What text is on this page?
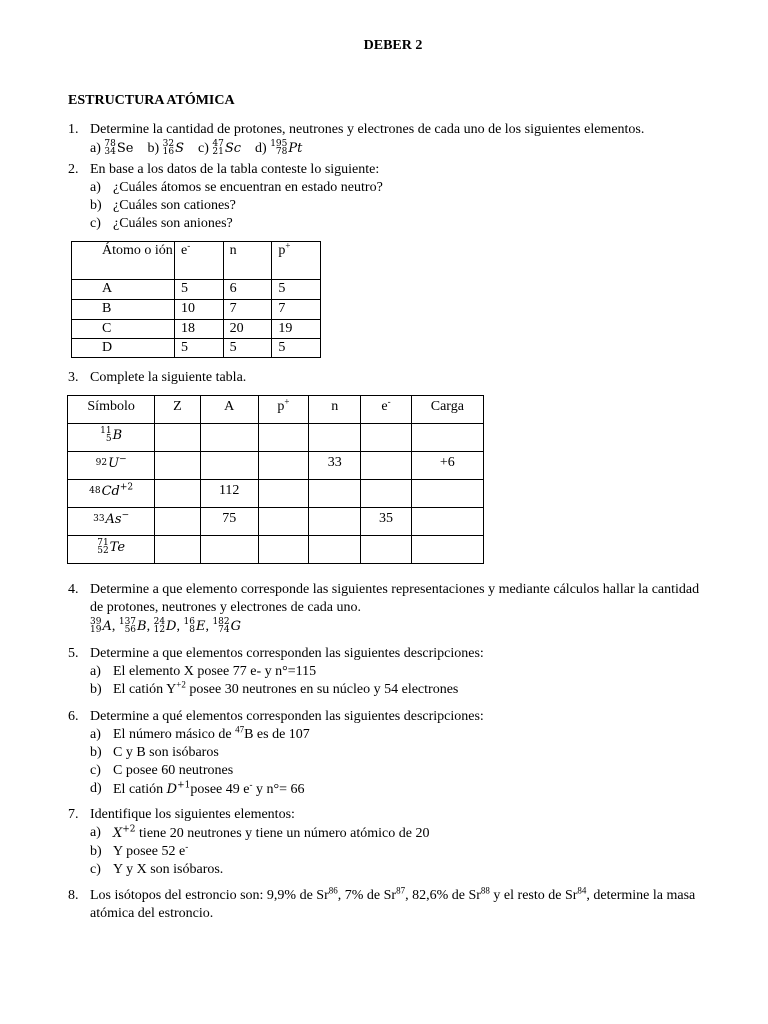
DEBER 2
ESTRUCTURA ATÓMICA
1. Determine la cantidad de protones, neutrones y electrones de cada uno de los siguientes elementos.
a) 78
34 Se b) 32
16 S c) 47
21 Sc d) 195
78 Pt
2. En base a los datos de la tabla conteste lo siguiente:
a) ¿Cuáles átomos se encuentran en estado neutro?
b) ¿Cuáles son cationes?
c) ¿Cuáles son aniones?
Átomo o ión	e-	n	p+
A	5	6	5
B	10	7	7
C	18	20	19
D	5	5	5
3. Complete la siguiente tabla.
Símbolo	Z	A	p+	n	e-	Carga

11
5 B						

92 U−				33		+6

48 $Cd^{+2}$		112				

33 As−		75			35	

71
52 Te						
4. Determine a que elemento corresponde las siguientes representaciones y mediante cálculos hallar la cantidad de protones, neutrones y electrones de cada uno.
39
19 A, 137
56 B, 24
12 D, 16
8 E, 182
74 G
5. Determine a que elementos corresponden las siguientes descripciones:
a) El elemento X posee 77 e- y n°=115
b) El catión $Y^{+2}$ posee 30 neutrones en su núcleo y 54 electrones
6. Determine a qué elementos corresponden las siguientes descripciones:
a) El número másico de $^{47}$B es de 107
b) C y B son isóbaros
c) C posee 60 neutrones
d) El catión $D^{+1}posee$ 49 e- y n°= 66
7. Identifique los siguientes elementos:
a) $X^{+2}$ tiene 20 neutrones y tiene un número atómico de 20
b) Y posee 52 e-
c) Y y X son isóbaros.
8. Los isótopos del estroncio son: 9,9% de Sr$^{86}$, 7% de Sr$^{87}$, 82,6% de Sr$^{88}$ y el resto de Sr$^{84}$, determine la masa atómica del estroncio.
